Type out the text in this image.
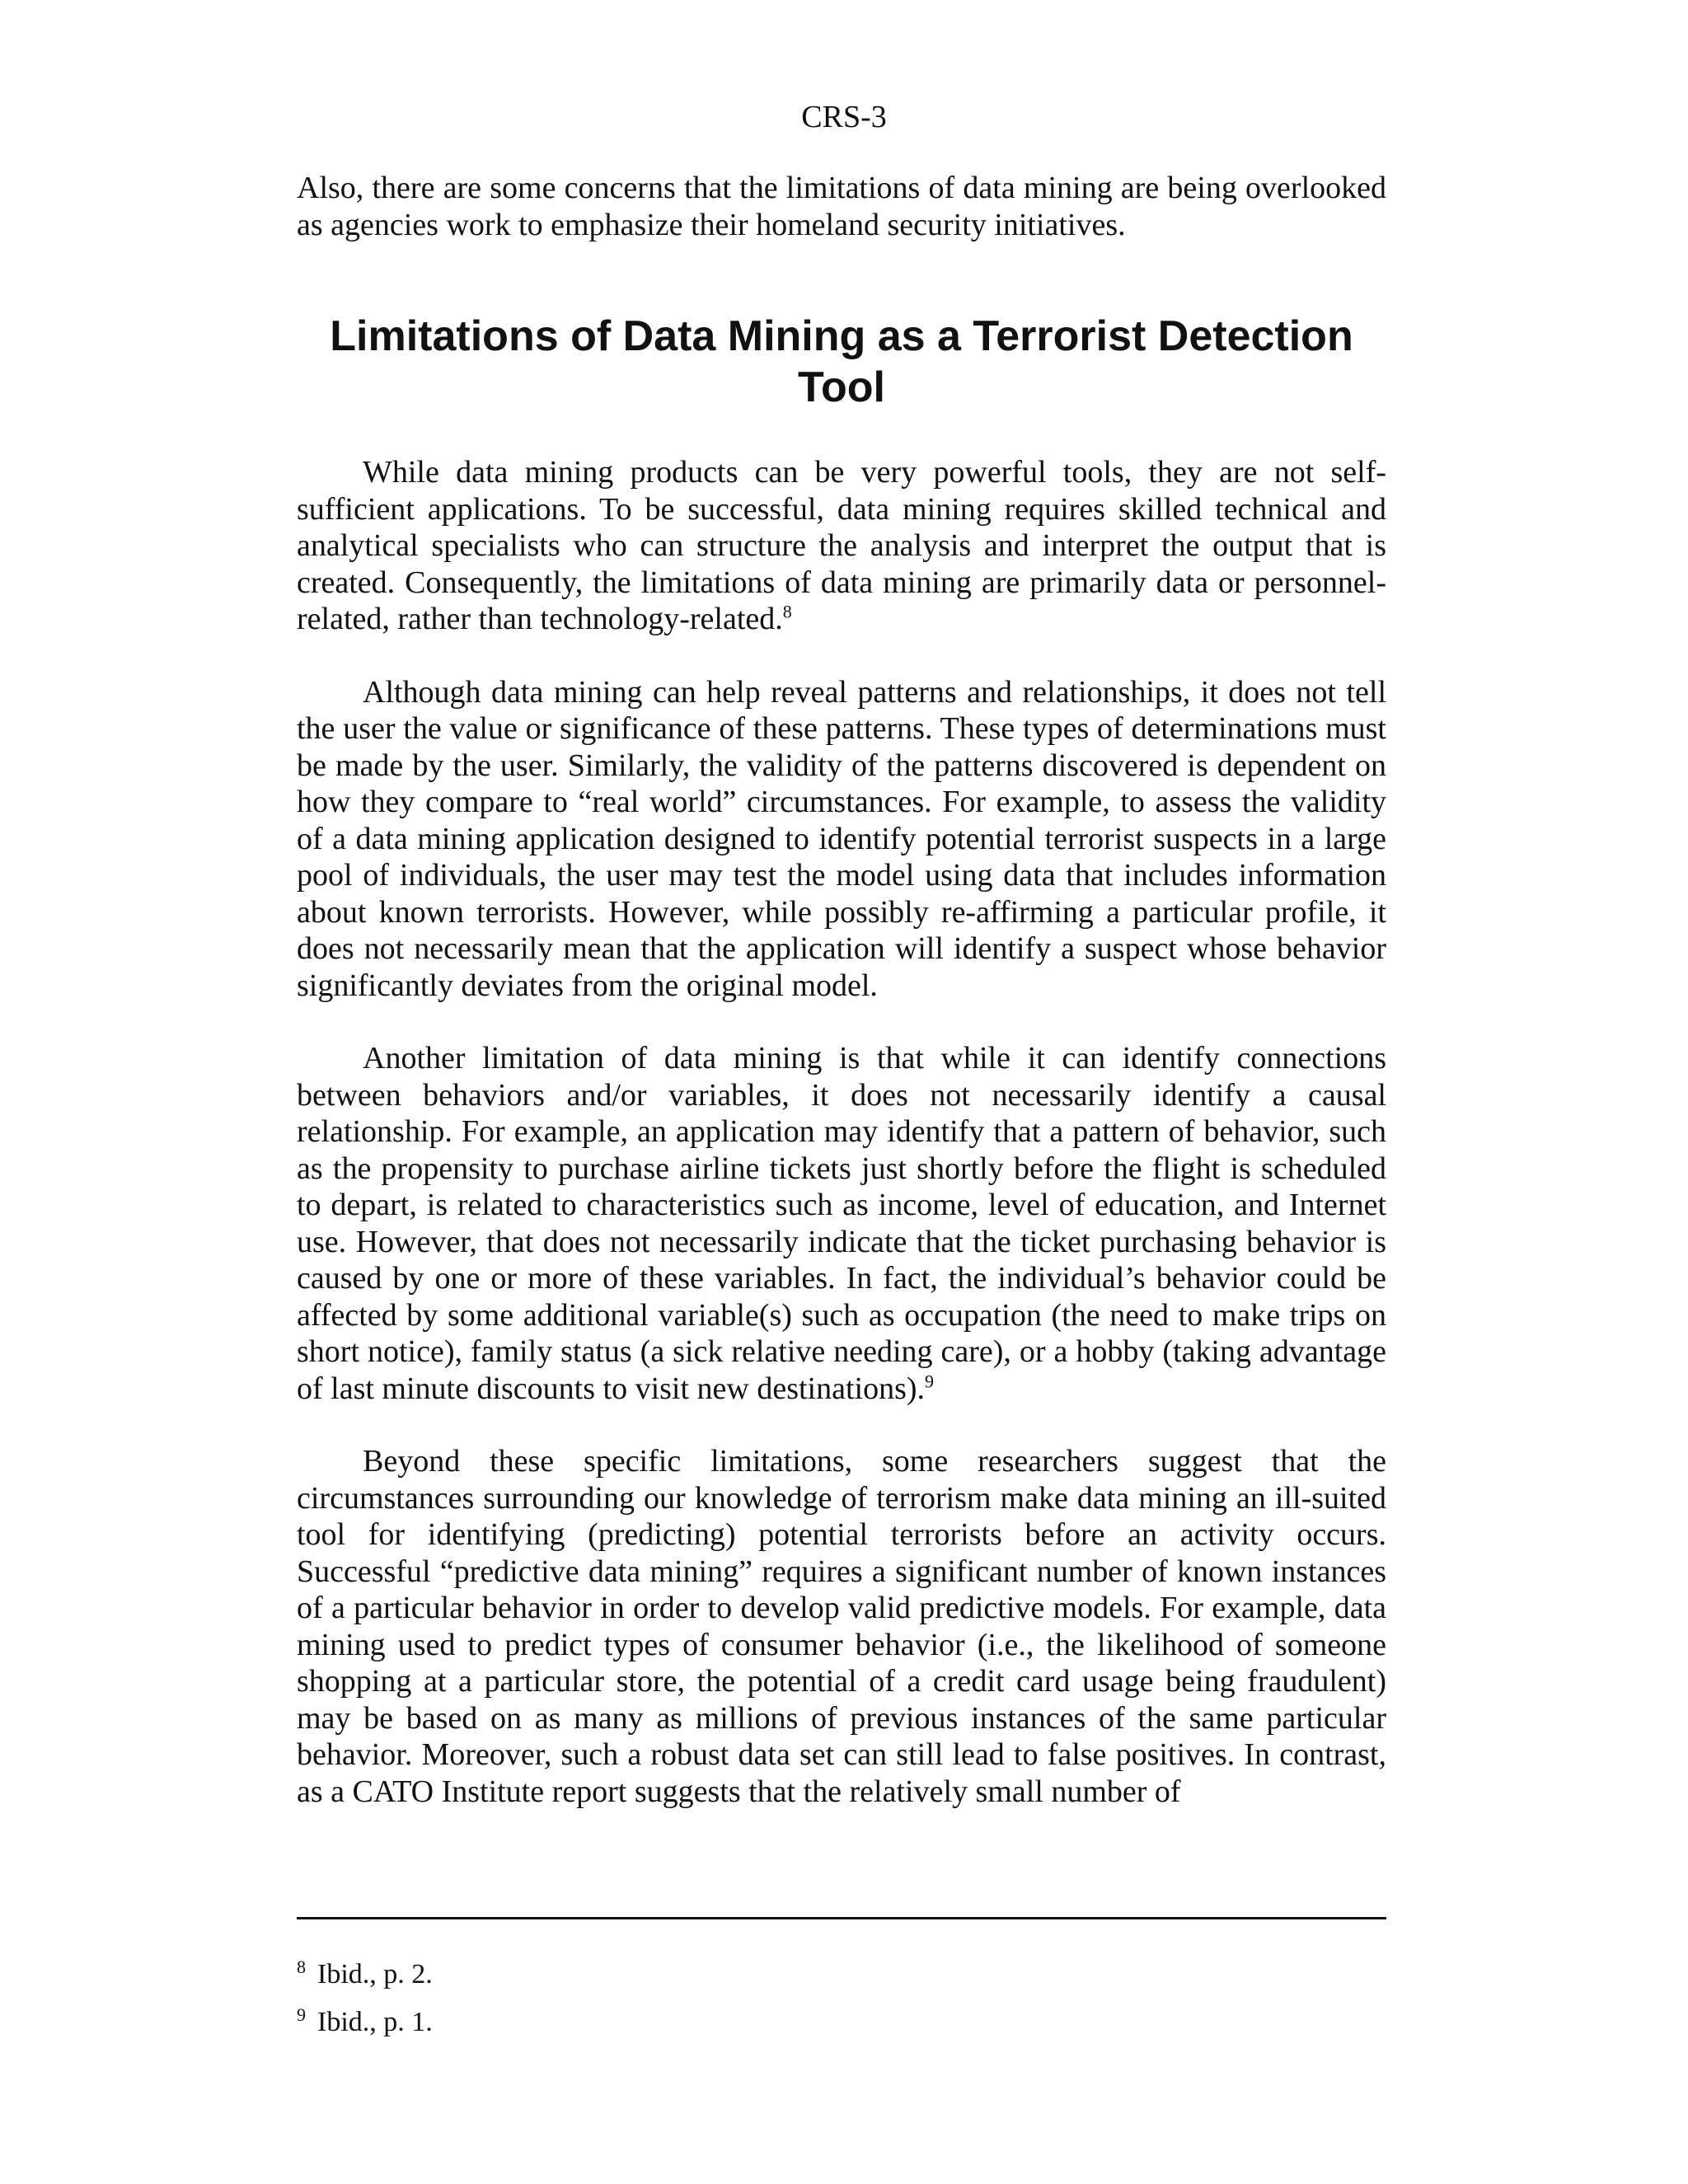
CRS-3

Also, there are some concerns that the limitations of data mining are being overlooked as agencies work to emphasize their homeland security initiatives.

Limitations of Data Mining as a Terrorist Detection Tool

While data mining products can be very powerful tools, they are not self-sufficient applications. To be successful, data mining requires skilled technical and analytical specialists who can structure the analysis and interpret the output that is created. Consequently, the limitations of data mining are primarily data or personnel-related, rather than technology-related.$^8$

Although data mining can help reveal patterns and relationships, it does not tell the user the value or significance of these patterns. These types of determinations must be made by the user. Similarly, the validity of the patterns discovered is dependent on how they compare to “real world” circumstances. For example, to assess the validity of a data mining application designed to identify potential terrorist suspects in a large pool of individuals, the user may test the model using data that includes information about known terrorists. However, while possibly re-affirming a particular profile, it does not necessarily mean that the application will identify a suspect whose behavior significantly deviates from the original model.

Another limitation of data mining is that while it can identify connections between behaviors and/or variables, it does not necessarily identify a causal relationship. For example, an application may identify that a pattern of behavior, such as the propensity to purchase airline tickets just shortly before the flight is scheduled to depart, is related to characteristics such as income, level of education, and Internet use. However, that does not necessarily indicate that the ticket purchasing behavior is caused by one or more of these variables. In fact, the individual’s behavior could be affected by some additional variable(s) such as occupation (the need to make trips on short notice), family status (a sick relative needing care), or a hobby (taking advantage of last minute discounts to visit new destinations).$^9$

Beyond these specific limitations, some researchers suggest that the circumstances surrounding our knowledge of terrorism make data mining an ill-suited tool for identifying (predicting) potential terrorists before an activity occurs. Successful “predictive data mining” requires a significant number of known instances of a particular behavior in order to develop valid predictive models. For example, data mining used to predict types of consumer behavior (i.e., the likelihood of someone shopping at a particular store, the potential of a credit card usage being fraudulent) may be based on as many as millions of previous instances of the same particular behavior. Moreover, such a robust data set can still lead to false positives. In contrast, as a CATO Institute report suggests that the relatively small number of

$^8$ Ibid., p. 2.

$^9$ Ibid., p. 1.
